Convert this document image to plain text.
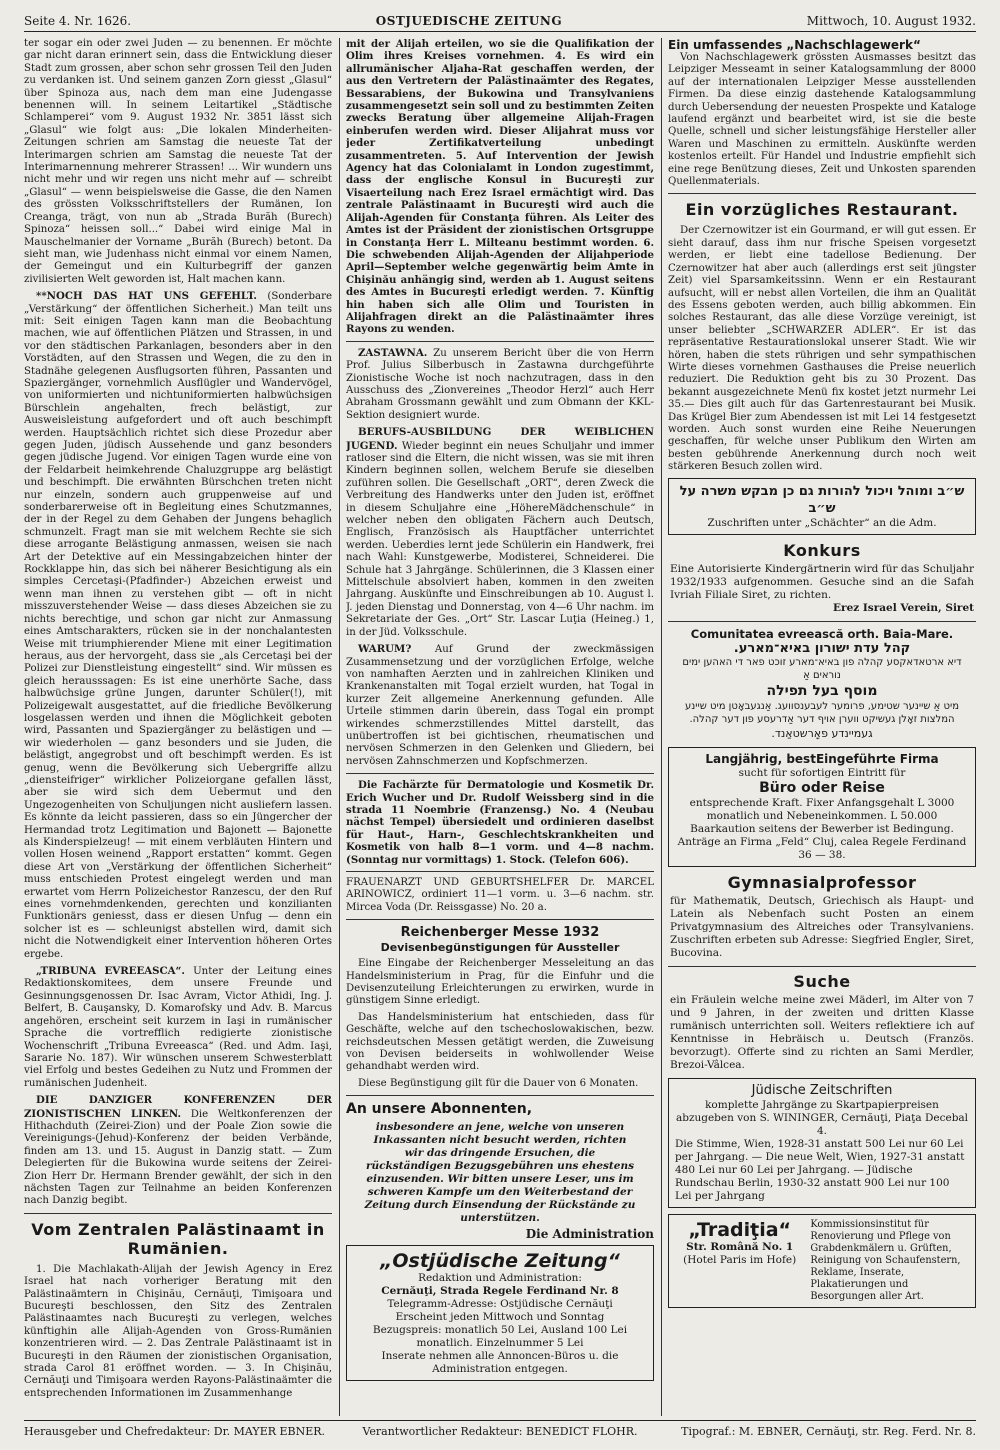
Seite 4. Nr. 1626.	OSTJUEDISCHE ZEITUNG	Mittwoch, 10. August 1932.

ter sogar ein oder zwei Juden — zu benennen. Er möchte gar nicht daran erinnert sein, dass die Entwicklung dieser Stadt zum grossen, aber schon sehr grossen Teil den Juden zu verdanken ist. Und seinem ganzen Zorn giesst „Glasul“ über Spinoza aus, nach dem man eine Judengasse benennen will. In seinem Leitartikel „Städtische Schlamperei“ vom 9. August 1932 Nr. 3851 lässt sich „Glasul“ wie folgt aus: „Die lokalen Minderheiten-Zeitungen schrien am Samstag die neueste Tat der Interimargen schrien am Samstag die neueste Tat der Interimarnennung mehrerer Strassen! ... Wir wundern uns nicht mehr und wir regen uns nicht mehr auf — schreibt „Glasul“ — wenn beispielsweise die Gasse, die den Namen des grössten Volksschriftstellers der Rumänen, Ion Creanga, trägt, von nun ab „Strada Burăh (Burech) Spinoza“ heissen soll...“ Dabei wird einige Mal in Mauschelmanier der Vorname „Burăh (Burech) betont. Da sieht man, wie Judenhass nicht einmal vor einem Namen, der Gemeingut und ein Kulturbegriff der ganzen zivilisierten Welt geworden ist, Halt machen kann.

**NOCH DAS HAT UNS GEFEHLT. (Sonderbare „Verstärkung“ der öffentlichen Sicherheit.) Man teilt uns mit: Seit einigen Tagen kann man die Beobachtung machen, wie auf öffentlichen Plätzen und Strassen, in und vor den städtischen Parkanlagen, besonders aber in den Vorstädten, auf den Strassen und Wegen, die zu den in Stadnähe gelegenen Ausflugsorten führen, Passanten und Spaziergänger, vornehmlich Ausflügler und Wandervögel, von uniformierten und nichtuniformierten halbwüchsigen Bürschlein angehalten, frech belästigt, zur Ausweisleistung aufgefordert und oft auch beschimpft werden. Hauptsächlich richtet sich diese Prozedur aber gegen Juden, jüdisch Aussehende und ganz besonders gegen jüdische Jugend. Vor einigen Tagen wurde eine von der Feldarbeit heimkehrende Chaluzgruppe arg belästigt und beschimpft. Die erwähnten Bürschchen treten nicht nur einzeln, sondern auch gruppenweise auf und sonderbarerweise oft in Begleitung eines Schutzmannes, der in der Regel zu dem Gehaben der Jungens behaglich schmunzelt. Fragt man sie mit welchem Rechte sie sich diese arrogante Belästigung anmassen, weisen sie nach Art der Detektive auf ein Messingabzeichen hinter der Rockklappe hin, das sich bei näherer Besichtigung als ein simples Cercetaşi-(Pfadfinder-) Abzeichen erweist und wenn man ihnen zu verstehen gibt — oft in nicht misszuverstehender Weise — dass dieses Abzeichen sie zu nichts berechtige, und schon gar nicht zur Anmassung eines Amtscharakters, rücken sie in der nonchalantesten Weise mit triumphierender Miene mit einer Legitimation heraus, aus der hervorgeht, dass sie „als Cercetaşi bei der Polizei zur Dienstleistung eingestellt“ sind. Wir müssen es gleich herausssagen: Es ist eine unerhörte Sache, dass halbwüchsige grüne Jungen, darunter Schüler(!), mit Polizeigewalt ausgestattet, auf die friedliche Bevölkerung losgelassen werden und ihnen die Möglichkeit geboten wird, Passanten und Spaziergänger zu belästigen und — wir wiederholen — ganz besonders und sie Juden, die belästigt, angegrobst und oft beschimpft werden. Es ist genug, wenn die Bevölkerung sich Uebergriffe allzu „diensteifriger“ wirklicher Polizeiorgane gefallen lässt, aber sie wird sich dem Uebermut und den Ungezogenheiten von Schuljungen nicht ausliefern lassen. Es könnte da leicht passieren, dass so ein Jüngercher der Hermandad trotz Legitimation und Bajonett — Bajonette als Kinderspielzeug! — mit einem verbläuten Hintern und vollen Hosen weinend „Rapport erstatten“ kommt. Gegen diese Art von „Verstärkung der öffentlichen Sicherheit“ muss entschieden Protest eingelegt werden und man erwartet vom Herrn Polizeichestor Ranzescu, der den Ruf eines vornehmdenkenden, gerechten und konzilianten Funktionärs geniesst, dass er diesen Unfug — denn ein solcher ist es — schleunigst abstellen wird, damit sich nicht die Notwendigkeit einer Intervention höheren Ortes ergebe.

„TRIBUNA EVREEASCA“. Unter der Leitung eines Redaktionskomitees, dem unsere Freunde und Gesinnungsgenossen Dr. Isac Avram, Victor Athidi, Ing. J. Belfert, B. Cauşansky, D. Komarofsky und Adv. B. Marcus angehören, erscheint seit kurzem in Iaşi in rumänischer Sprache die vortrefflich redigierte zionistische Wochenschrift „Tribuna Evreeasca“ (Red. und Adm. Iaşi, Sararie No. 187). Wir wünschen unserem Schwesterblatt viel Erfolg und bestes Gedeihen zu Nutz und Frommen der rumänischen Judenheit.

DIE DANZIGER KONFERENZEN DER ZIONISTISCHEN LINKEN. Die Weltkonferenzen der Hithachduth (Zeirei-Zion) und der Poale Zion sowie die Vereinigungs-(Jehud)-Konferenz der beiden Verbände, finden am 13. und 15. August in Danzig statt. — Zum Delegierten für die Bukowina wurde seitens der Zeirei-Zion Herr Dr. Hermann Brender gewählt, der sich in den nächsten Tagen zur Teilnahme an beiden Konferenzen nach Danzig begibt.

Vom Zentralen Palästinaamt in Rumänien.

1. Die Machlakath-Alijah der Jewish Agency in Erez Israel hat nach vorheriger Beratung mit den Palästinaämtern in Chişinău, Cernăuţi, Timişoara und Bucureşti beschlossen, den Sitz des Zentralen Palästinaamtes nach Bucureşti zu verlegen, welches künftighin alle Alijah-Agenden von Gross-Rumänien konzentrieren wird. — 2. Das Zentrale Palästinaamt ist in Bucureşti in den Räumen der zionistischen Organisation, strada Carol 81 eröffnet worden. — 3. In Chişinău, Cernăuţi und Timişoara werden Rayons-Palästinaämter die entsprechenden Informationen im Zusammenhange

mit der Alijah erteilen, wo sie die Qualifikation der Olim ihres Kreises vornehmen. 4. Es wird ein allrumänischer Aljaha-Rat geschaffen werden, der aus den Vertretern der Palästinaämter des Regates, Bessarabiens, der Bukowina und Transylvaniens zusammengesetzt sein soll und zu bestimmten Zeiten zwecks Beratung über allgemeine Alijah-Fragen einberufen werden wird. Dieser Alijahrat muss vor jeder Zertifikatverteilung unbedingt zusammentreten. 5. Auf Intervention der Jewish Agency hat das Colonialamt in London zugestimmt, dass der englische Konsul in Bucureşti zur Visaerteilung nach Erez Israel ermächtigt wird. Das zentrale Palästinaamt in Bucureşti wird auch die Alijah-Agenden für Constanţa führen. Als Leiter des Amtes ist der Präsident der zionistischen Ortsgruppe in Constanţa Herr L. Milteanu bestimmt worden. 6. Die schwebenden Alijah-Agenden der Alijahperiode April—September welche gegenwärtig beim Amte in Chişinău anhängig sind, werden ab 1. August seitens des Amtes in Bucureşti erledigt werden. 7. Künftig hin haben sich alle Olim und Touristen in Alijahfragen direkt an die Palästinaämter ihres Rayons zu wenden.

ZASTAWNA. Zu unserem Bericht über die von Herrn Prof. Julius Silberbusch in Zastawna durchgeführte Zionistische Woche ist noch nachzutragen, dass in den Ausschuss des „Zionvereines „Theodor Herzl“ auch Herr Abraham Grossmann gewählt und zum Obmann der KKL-Sektion designiert wurde.

BERUFS-AUSBILDUNG DER WEIBLICHEN JUGEND. Wieder beginnt ein neues Schuljahr und immer ratloser sind die Eltern, die nicht wissen, was sie mit ihren Kindern beginnen sollen, welchem Berufe sie dieselben zuführen sollen. Die Gesellschaft „ORT“, deren Zweck die Verbreitung des Handwerks unter den Juden ist, eröffnet in diesem Schuljahre eine „HöhereMädchenschule“ in welcher neben den obligaten Fächern auch Deutsch, Englisch, Französisch als Hauptfächer unterrichtet werden. Ueberdies lernt jede Schülerin ein Handwerk, frei nach Wahl: Kunstgewerbe, Modisterei, Schneiderei. Die Schule hat 3 Jahrgänge. Schülerinnen, die 3 Klassen einer Mittelschule absolviert haben, kommen in den zweiten Jahrgang. Auskünfte und Einschreibungen ab 10. August l. J. jeden Dienstag und Donnerstag, von 4—6 Uhr nachm. im Sekretariate der Ges. „Ort“ Str. Lascar Luţia (Heineg.) 1, in der Jüd. Volksschule.

WARUM? Auf Grund der zweckmässigen Zusammensetzung und der vorzüglichen Erfolge, welche von namhaften Aerzten und in zahlreichen Kliniken und Krankenanstalten mit Togal erzielt wurden, hat Togal in kurzer Zeit allgemeine Anerkennung gefunden. Alle Urteile stimmen darin überein, dass Togal ein prompt wirkendes schmerzstillendes Mittel darstellt, das unübertroffen ist bei gichtischen, rheumatischen und nervösen Schmerzen in den Gelenken und Gliedern, bei nervösen Zahnschmerzen und Kopfschmerzen.

Die Fachärzte für Dermatologie und Kosmetik Dr. Erich Wucher und Dr. Rudolf Weissberg sind in die strada 11 Noembrie (Franzensg.) No. 4 (Neubau nächst Tempel) übersiedelt und ordinieren daselbst für Haut-, Harn-, Geschlechtskrankheiten und Kosmetik von halb 8—1 vorm. und 4—8 nachm. (Sonntag nur vormittags) 1. Stock. (Telefon 606).

FRAUENARZT UND GEBURTSHELFER Dr. MARCEL ARINOWICZ, ordiniert 11—1 vorm. u. 3—6 nachm. str. Mircea Voda (Dr. Reissgasse) No. 20 a.

Reichenberger Messe 1932
Devisenbegünstigungen für Aussteller

Eine Eingabe der Reichenberger Messeleitung an das Handelsministerium in Prag, für die Einfuhr und die Devisenzuteilung Erleichterungen zu erwirken, wurde in günstigem Sinne erledigt.

Das Handelsministerium hat entschieden, dass für Geschäfte, welche auf den tschechoslowakischen, bezw. reichsdeutschen Messen getätigt werden, die Zuweisung von Devisen beiderseits in wohlwollender Weise gehandhabt werden wird.

Diese Begünstigung gilt für die Dauer von 6 Monaten.

An unsere Abonnenten,
insbesondere an jene, welche von unseren Inkassanten nicht besucht werden, richten wir das dringende Ersuchen, die rückständigen Bezugsgebühren uns ehestens einzusenden. Wir bitten unsere Leser, uns im schweren Kampfe um den Weiterbestand der Zeitung durch Einsendung der Rückstände zu unterstützen.
Die Administration
„Ostjüdische Zeitung“
Redaktion und Administration:
Cernăuţi, Strada Regele Ferdinand Nr. 8
Telegramm-Adresse: Ostjüdische Cernăuţi
Erscheint jeden Mittwoch und Sonntag
Bezugspreis: monatlich 50 Lei, Ausland 100 Lei monatlich. Einzelnummer 5 Lei
Inserate nehmen alle Annoncen-Büros u. die Administration entgegen.
Ein umfassendes „Nachschlagewerk“

Von Nachschlagewerk grössten Ausmasses besitzt das Leipziger Messeamt in seiner Katalogsammlung der 8000 auf der internationalen Leipziger Messe ausstellenden Firmen. Da diese einzig dastehende Katalogsammlung durch Uebersendung der neuesten Prospekte und Kataloge laufend ergänzt und bearbeitet wird, ist sie die beste Quelle, schnell und sicher leistungsfähige Hersteller aller Waren und Maschinen zu ermitteln. Auskünfte werden kostenlos erteilt. Für Handel und Industrie empfiehlt sich eine rege Benützung dieses, Zeit und Unkosten sparenden Quellenmaterials.

Ein vorzügliches Restaurant.

Der Czernowitzer ist ein Gourmand, er will gut essen. Er sieht darauf, dass ihm nur frische Speisen vorgesetzt werden, er liebt eine tadellose Bedienung. Der Czernowitzer hat aber auch (allerdings erst seit jüngster Zeit) viel Sparsamkeitssinn. Wenn er ein Restaurant aufsucht, will er nebst allen Vorteilen, die ihm an Qualität des Essens geboten werden, auch billig abkommen. Ein solches Restaurant, das alle diese Vorzüge vereinigt, ist unser beliebter „SCHWARZER ADLER“. Er ist das repräsentative Restaurationslokal unserer Stadt. Wie wir hören, haben die stets rührigen und sehr sympathischen Wirte dieses vornehmen Gasthauses die Preise neuerlich reduziert. Die Reduktion geht bis zu 30 Prozent. Das bekannt ausgezeichnete Menü fix kostet jetzt nurmehr Lei 35.— Dies gilt auch für das Gartenrestaurant bei Musik. Das Krügel Bier zum Abendessen ist mit Lei 14 festgesetzt worden. Auch sonst wurden eine Reihe Neuerungen geschaffen, für welche unser Publikum den Wirten am besten gebührende Anerkennung durch noch weit stärkeren Besuch zollen wird.

ש״ב ומוהל ויכול להורות גם כן מבקש משרה על ש״ב
Zuschriften unter „Schächter“ an die Adm.
Konkurs
Eine Autorisierte Kindergärtnerin wird für das Schuljahr 1932/1933 aufgenommen. Gesuche sind an die Safah Ivriah Filiale Siret, zu richten.
Erez Israel Verein, Siret
Comunitatea evreească orth. Baia-Mare.
קהל עדת ישורון באיא־מארע.
דיא ארטאדאקסע קהלה פון באיא־מארע זוכט פאר די האהען ימים נוראים אַ
מוסף בעל תפילה
מיט אַ שיינער שטימע, פרומער לעבענסוועג. אַנגעבאָטן מיט שיינע המלצות זאָלן געשיקט ווערן אויף דער אַדרעסע פון דער קהלה.
געמיינדע פאָרשטאַנד.
Langjährig, bestEingeführte Firma
sucht für sofortigen Eintritt für
Büro oder Reise
entsprechende Kraft. Fixer Anfangsgehalt L 3000 monatlich und Nebeneinkommen. L 50.000 Baarkaution seitens der Bewerber ist Bedingung.
Anträge an Firma „Feld“ Cluj, calea Regele Ferdinand 36 — 38.
Gymnasialprofessor
für Mathematik, Deutsch, Griechisch als Haupt- und Latein als Nebenfach sucht Posten an einem Privatgymnasium des Altreiches oder Transylvaniens. Zuschriften erbeten sub Adresse: Siegfried Engler, Siret, Bucovina.
Suche
ein Fräulein welche meine zwei Mäderl, im Alter von 7 und 9 Jahren, in der zweiten und dritten Klasse rumänisch unterrichten soll. Weiters reflektiere ich auf Kenntnisse in Hebräisch u. Deutsch (Französ. bevorzugt). Offerte sind zu richten an Sami Merdler, Brezoi-Vâlcea.
Jüdische Zeitschriften
komplette Jahrgänge zu Skartpapierpreisen abzugeben von S. WININGER, Cernăuţi, Piaţa Decebal 4.
Die Stimme, Wien, 1928-31 anstatt 500 Lei nur 60 Lei per Jahrgang. — Die neue Welt, Wien, 1927-31 anstatt 480 Lei nur 60 Lei per Jahrgang. — Jüdische Rundschau Berlin, 1930-32 anstatt 900 Lei nur 100 Lei per Jahrgang
„Tradiţia“
Str. Română No. 1
(Hotel Paris im Hofe)
Kommissionsinstitut für Renovierung und Pflege von Grabdenkmälern u. Grüften, Reinigung von Schaufenstern, Reklame, Inserate, Plakatierungen und Besorgungen aller Art.
Herausgeber und Chefredakteur: Dr. MAYER EBNER.	Verantwortlicher Redakteur: BENEDICT FLOHR.	Tipograf.: M. EBNER, Cernăuţi, str. Reg. Ferd. Nr. 8.
